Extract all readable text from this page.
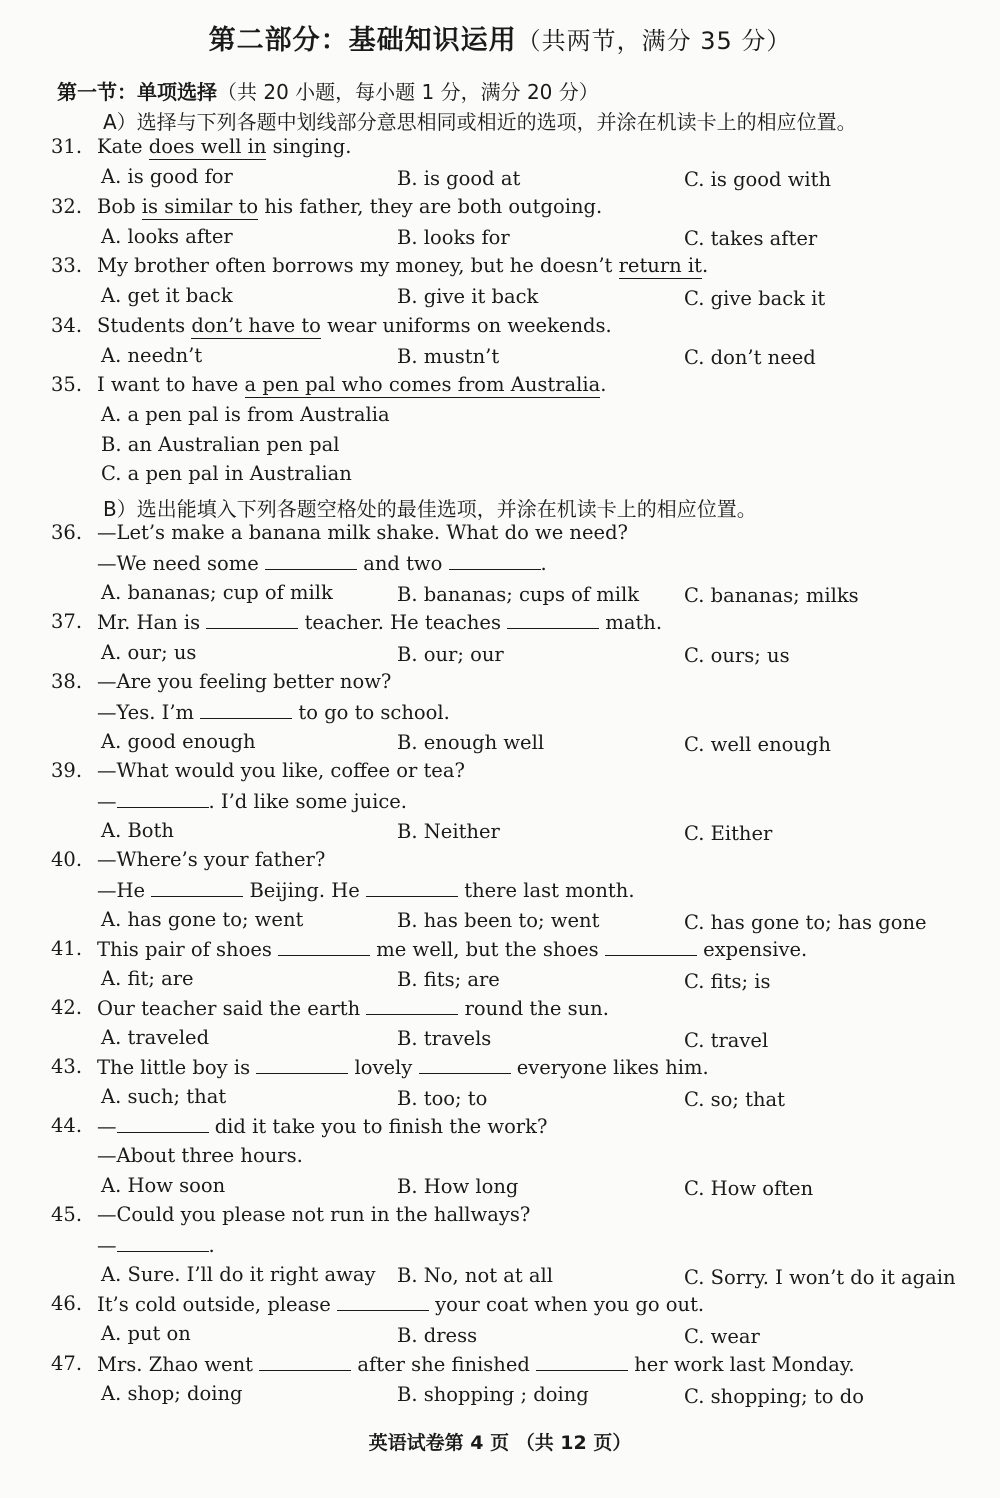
第二部分：基础知识运用（共两节，满分 35 分）
第一节：单项选择（共 20 小题，每小题 1 分，满分 20 分）
A）选择与下列各题中划线部分意思相同或相近的选项，并涂在机读卡上的相应位置。
31. Kate does well in singing.
A. is good for	B. is good at	C. is good with
32. Bob is similar to his father, they are both outgoing.
A. looks after	B. looks for	C. takes after
33. My brother often borrows my money, but he doesn’t return it.
A. get it back	B. give it back	C. give back it
34. Students don’t have to wear uniforms on weekends.
A. needn’t	B. mustn’t	C. don’t need
35. I want to have a pen pal who comes from Australia.
A. a pen pal is from Australia
B. an Australian pen pal
C. a pen pal in Australian
B）选出能填入下列各题空格处的最佳选项，并涂在机读卡上的相应位置。
36. —Let’s make a banana milk shake. What do we need?
—We need some	and two	.
A. bananas; cup of milk	B. bananas; cups of milk C. bananas; milks
37. Mr. Han is	teacher. He teaches	math.
A. our; us	B. our; our	C. ours; us
38. —Are you feeling better now?
—Yes. I’m	to go to school.
A. good enough	B. enough well	C. well enough
39. —What would you like, coffee or tea?
—	. I’d like some juice.
A. Both	B. Neither	C. Either
40. —Where’s your father?
—He	Beijing. He	there last month.
A. has gone to; went	B. has been to; went	C. has gone to; has gone
41. This pair of shoes	me well, but the shoes	expensive.
A. fit; are	B. fits; are	C. fits; is
42. Our teacher said the earth	round the sun.
A. traveled	B. travels	C. travel
43. The little boy is	lovely	everyone likes him.
A. such; that	B. too; to	C. so; that
44. —	did it take you to finish the work?
—About three hours.
A. How soon	B. How long	C. How often
45. —Could you please not run in the hallways?
—	.
A. Sure. I’ll do it right away B. No, not at all	C. Sorry. I won’t do it again
46. It’s cold outside, please	your coat when you go out.
A. put on	B. dress	C. wear
47. Mrs. Zhao went	after she finished	her work last Monday.
A. shop; doing	B. shopping ; doing	C. shopping; to do
英语试卷第 4 页 （共 12 页）
